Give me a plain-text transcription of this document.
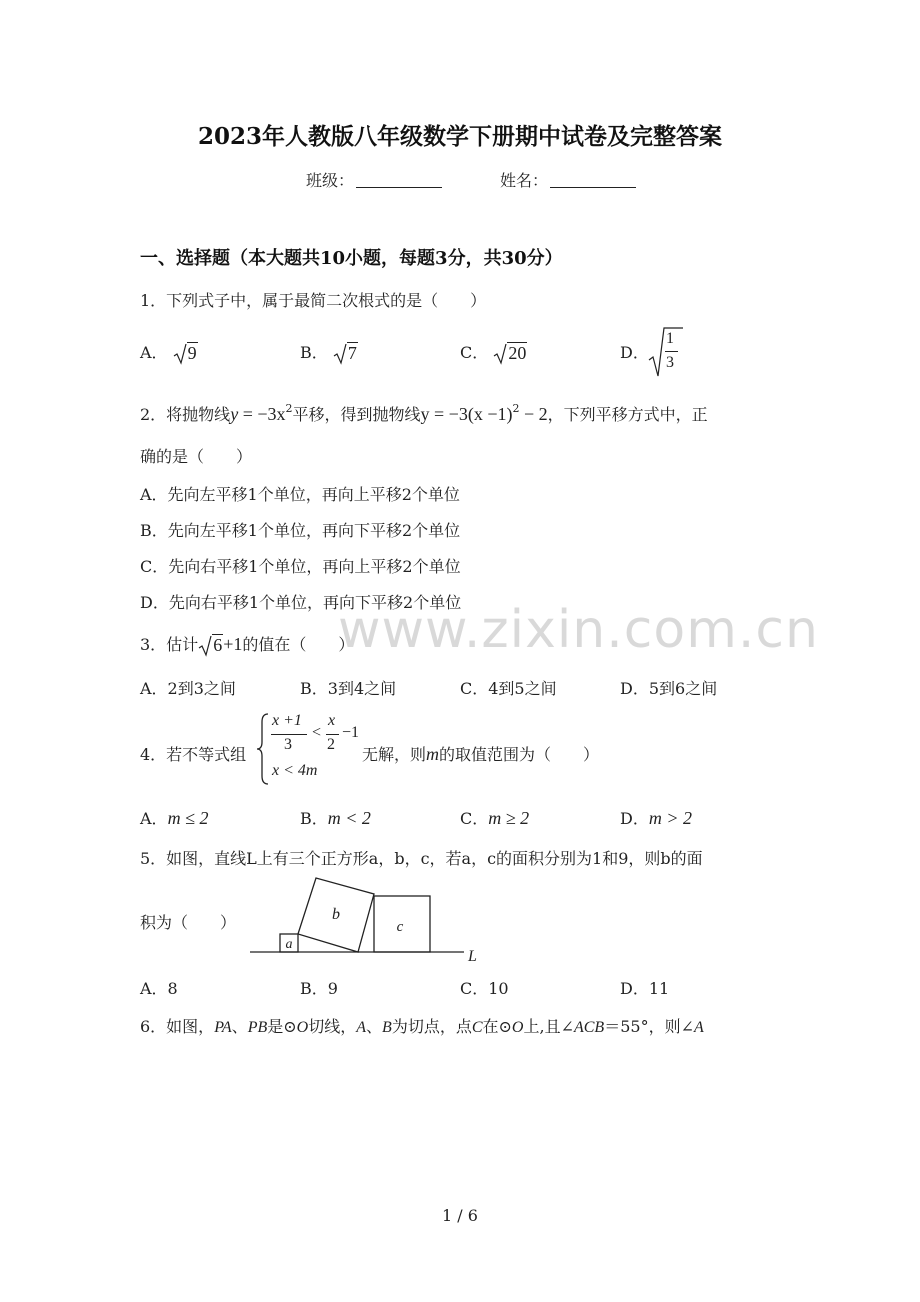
2023年人教版八年级数学下册期中试卷及完整答案
班级：	姓名：
一、选择题（本大题共10小题，每题3分，共30分）
www.zixin.com.cn
1．下列式子中，属于最简二次根式的是（　　）
A． 9	B． 7	C． 20	D．
1
3
2．将抛物线$y = -3x^2$平移，得到抛物线$y = -3(x -1)^2 - 2$，下列平移方式中，正
确的是（　　）
A．先向左平移1个单位，再向上平移2个单位
B．先向左平移1个单位，再向下平移2个单位
C．先向右平移1个单位，再向上平移2个单位
D．先向右平移1个单位，再向下平移2个单位
3．估计 6+1的值在（　　）
A．2到3之间	B．3到4之间	C．4到5之间	D．5到6之间
4．若不等式组
x +1
3
<
x
2
−1
x < 4m
无解，则m的取值范围为（　　）
A．m ≤ 2	B．m < 2	C．m ≥ 2	D．m > 2
5．如图，直线L上有三个正方形a，b，c，若a，c的面积分别为1和9，则b的面
积为（　　）
a
b
c
L
A．8	B．9	C．10	D．11
6．如图，PA、PB是⊙O切线，A、B为切点，点C在⊙O上,且∠ACB＝55°，则∠A
1 / 6
